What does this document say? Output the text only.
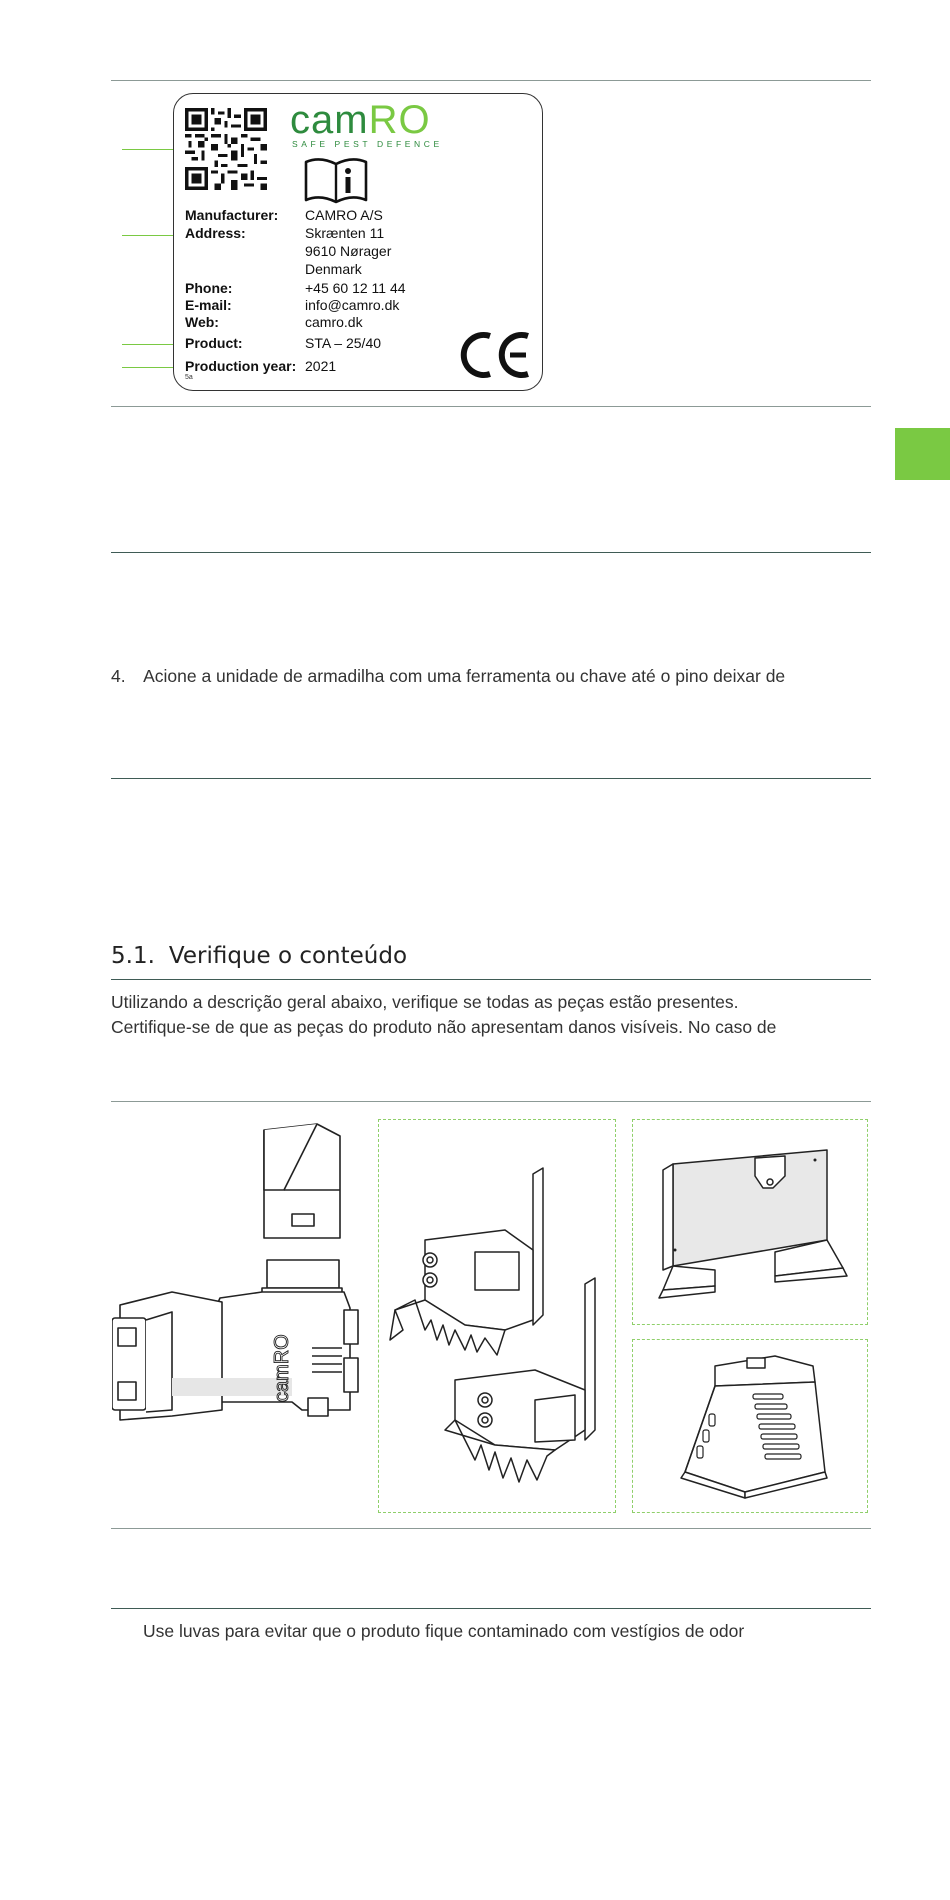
camRO
SAFE PEST DEFENCE
Manufacturer: CAMRO A/S
Address:	Skrænten 11
9610 Nørager
Denmark
Phone:	+45 60 12 11 44
E-mail:	info@camro.dk
Web:	camro.dk
Product:	STA – 25/40
Production year: 2021
5a
4. Acione a unidade de armadilha com uma ferramenta ou chave até o pino deixar de
5.1. Verifique o conteúdo
Utilizando a descrição geral abaixo, verifique se todas as peças estão presentes.
Certifique-se de que as peças do produto não apresentam danos visíveis. No caso de
camRO
Use luvas para evitar que o produto fique contaminado com vestígios de odor
